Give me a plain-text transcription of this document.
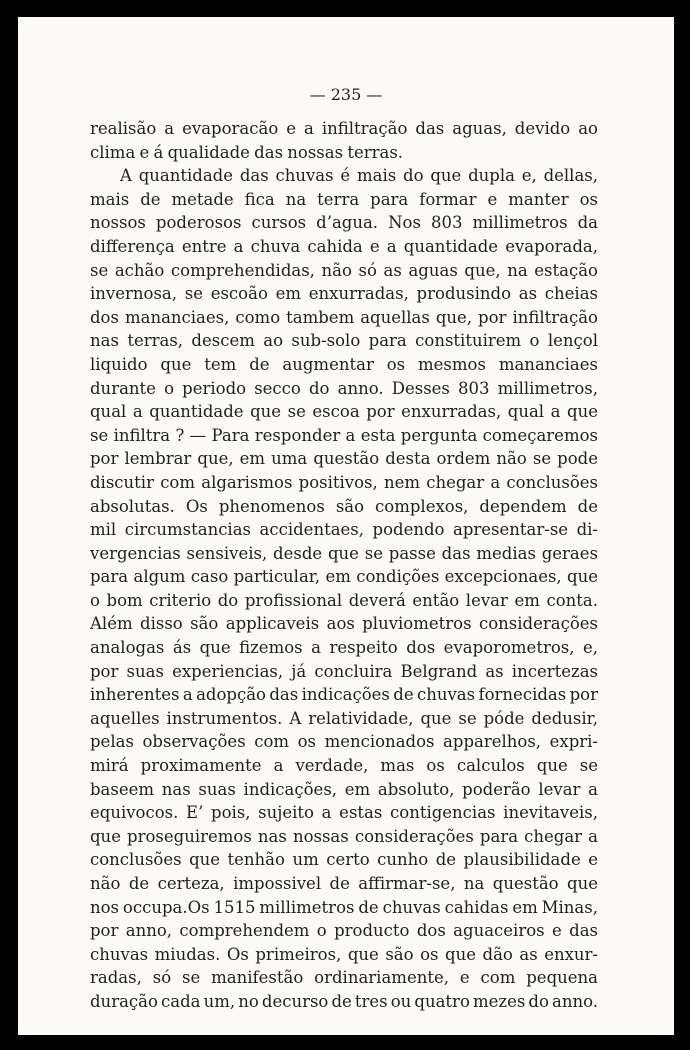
— 235 —

realisão a evaporacão e a infiltração das aguas, devido ao
clima e á qualidade das nossas terras.
A quantidade das chuvas é mais do que dupla e, dellas,
mais de metade fica na terra para formar e manter os
nossos poderosos cursos d’agua. Nos 803 millimetros da
differença entre a chuva cahida e a quantidade evaporada,
se achão comprehendidas, não só as aguas que, na estação
invernosa, se escoão em enxurradas, produsindo as cheias
dos mananciaes, como tambem aquellas que, por infiltração
nas terras, descem ao sub-solo para constituirem o lençol
liquido que tem de augmentar os mesmos mananciaes
durante o periodo secco do anno. Desses 803 millimetros,
qual a quantidade que se escoa por enxurradas, qual a que
se infiltra ? — Para responder a esta pergunta começaremos
por lembrar que, em uma questão desta ordem não se pode
discutir com algarismos positivos, nem chegar a conclusões
absolutas. Os phenomenos são complexos, dependem de
mil circumstancias accidentaes, podendo apresentar-se di-
vergencias sensiveis, desde que se passe das medias geraes
para algum caso particular, em condições excepcionaes, que
o bom criterio do profissional deverá então levar em conta.
Além disso são applicaveis aos pluviometros considerações
analogas ás que fizemos a respeito dos evaporometros, e,
por suas experiencias, já concluira Belgrand as incertezas
inherentes a adopção das indicações de chuvas fornecidas por
aquelles instrumentos. A relatividade, que se póde dedusir,
pelas observações com os mencionados apparelhos, expri-
mirá proximamente a verdade, mas os calculos que se
baseem nas suas indicações, em absoluto, poderão levar a
equivocos. E’ pois, sujeito a estas contigencias inevitaveis,
que proseguiremos nas nossas considerações para chegar a
conclusões que tenhão um certo cunho de plausibilidade e
não de certeza, impossivel de affirmar-se, na questão que
nos occupa.Os 1515 millimetros de chuvas cahidas em Minas,
por anno, comprehendem o producto dos aguaceiros e das
chuvas miudas. Os primeiros, que são os que dão as enxur-
radas, só se manifestão ordinariamente, e com pequena
duração cada um, no decurso de tres ou quatro mezes do anno.
